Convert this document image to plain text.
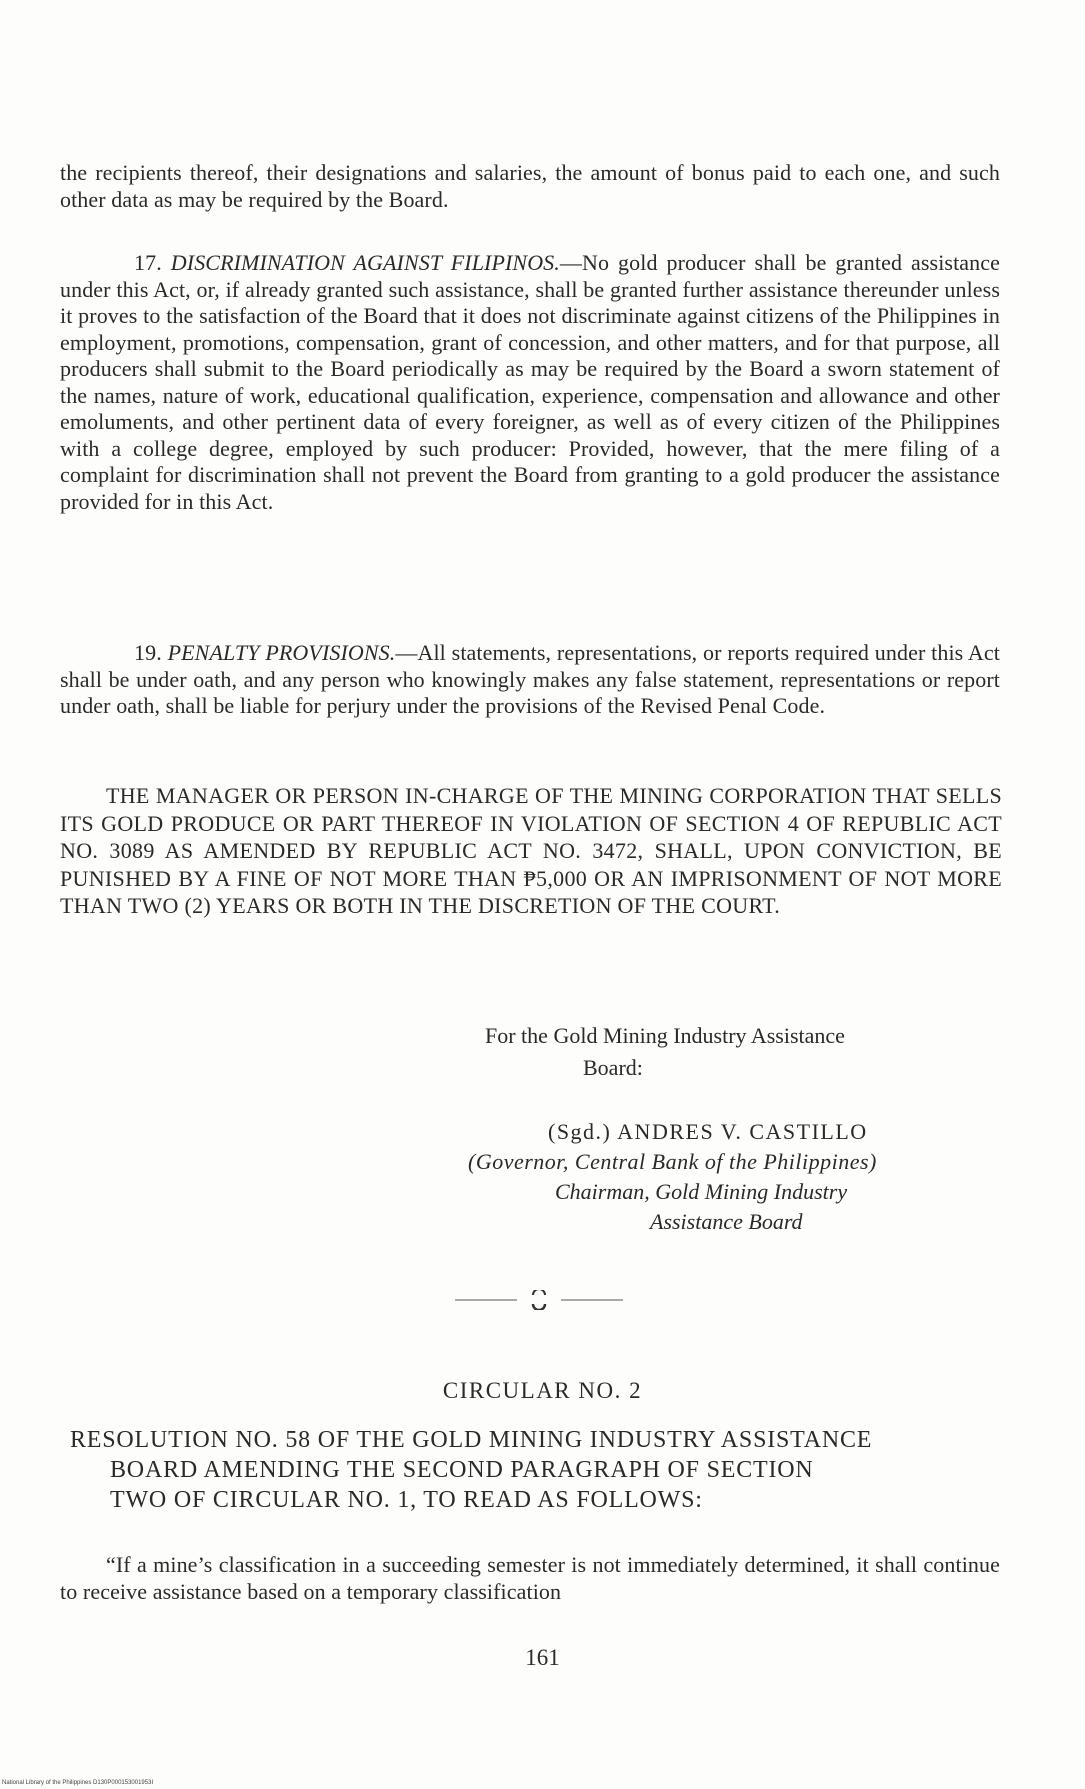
the recipients thereof, their designations and salaries, the amount of bonus paid to each one, and such other data as may be required by the Board.
17. DISCRIMINATION AGAINST FILIPINOS.—No gold producer shall be granted assistance under this Act, or, if already granted such assistance, shall be granted further assistance thereunder unless it proves to the satisfaction of the Board that it does not discriminate against citizens of the Philippines in employment, promotions, compensation, grant of concession, and other matters, and for that purpose, all producers shall submit to the Board periodically as may be required by the Board a sworn statement of the names, nature of work, educational qualification, experience, compensation and allowance and other emoluments, and other pertinent data of every foreigner, as well as of every citizen of the Philippines with a college degree, employed by such producer: Provided, however, that the mere filing of a complaint for discrimination shall not prevent the Board from granting to a gold producer the assistance provided for in this Act.
19. PENALTY PROVISIONS.—All statements, representations, or reports required under this Act shall be under oath, and any person who knowingly makes any false statement, representations or report under oath, shall be liable for perjury under the provisions of the Revised Penal Code.
THE MANAGER OR PERSON IN-CHARGE OF THE MINING CORPORATION THAT SELLS ITS GOLD PRODUCE OR PART THEREOF IN VIOLATION OF SECTION 4 OF REPUBLIC ACT NO. 3089 AS AMENDED BY REPUBLIC ACT NO. 3472, SHALL, UPON CONVICTION, BE PUNISHED BY A FINE OF NOT MORE THAN ₱5,000 OR AN IMPRISONMENT OF NOT MORE THAN TWO (2) YEARS OR BOTH IN THE DISCRETION OF THE COURT.
For the Gold Mining Industry Assistance
Board:
(Sgd.) ANDRES V. CASTILLO
(Governor, Central Bank of the Philippines)
Chairman, Gold Mining Industry
Assistance Board
CIRCULAR NO. 2
RESOLUTION NO. 58 OF THE GOLD MINING INDUSTRY ASSISTANCE
BOARD AMENDING THE SECOND PARAGRAPH OF SECTION
TWO OF CIRCULAR NO. 1, TO READ AS FOLLOWS:
“If a mine’s classification in a succeeding semester is not immediately determined, it shall continue to receive assistance based on a temporary classification
161
National Library of the Philippines D130P000153001953I
